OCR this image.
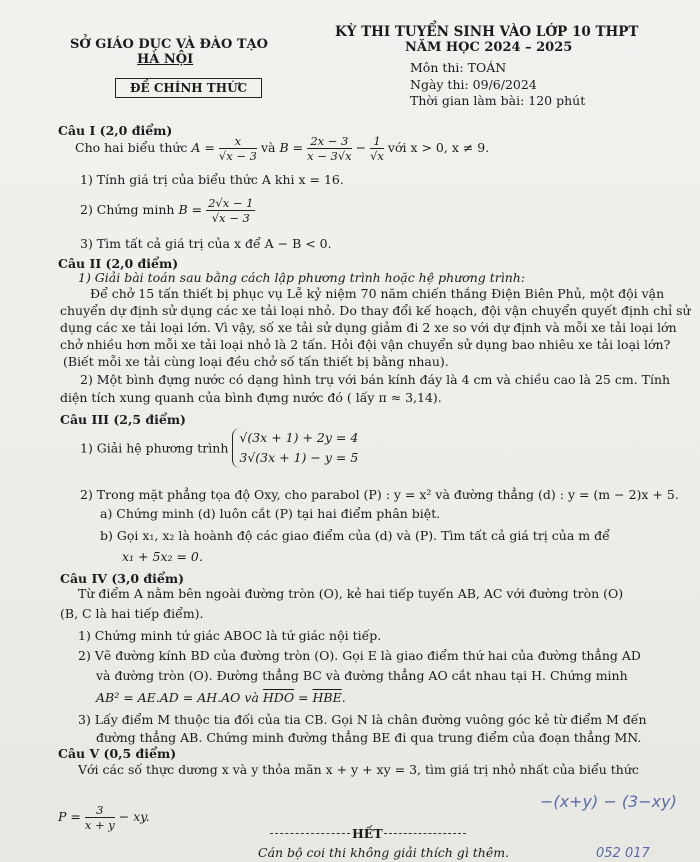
SỞ GIÁO DỤC VÀ ĐÀO TẠO
HÀ NỘI
ĐỀ CHÍNH THỨC
KỲ THI TUYỂN SINH VÀO LỚP 10 THPT
NĂM HỌC 2024 – 2025
Môn thi: TOÁN
Ngày thi: 09/6/2024
Thời gian làm bài: 120 phút
Câu I (2,0 điểm)
Cho hai biểu thức $A = \frac{x}{√x - 3}$ và $B = \frac{2x - 3}{x - 3√x} - \frac{1}{√x}$ với x > 0, x ≠ 9.
1) Tính giá trị của biểu thức A khi x = 16.
2) Chứng minh $B = \frac{2√x - 1}{√x - 3}$
3) Tìm tất cả giá trị của x để A − B < 0.
Câu II (2,0 điểm)
1) Giải bài toán sau bằng cách lập phương trình hoặc hệ phương trình:
Để chở 15 tấn thiết bị phục vụ Lễ kỷ niệm 70 năm chiến thắng Điện Biên Phủ, một đội vận
chuyển dự định sử dụng các xe tải loại nhỏ. Do thay đổi kế hoạch, đội vận chuyển quyết định chỉ sử
dụng các xe tải loại lớn. Vì vậy, số xe tải sử dụng giảm đi 2 xe so với dự định và mỗi xe tải loại lớn
chở nhiều hơn mỗi xe tải loại nhỏ là 2 tấn. Hỏi đội vận chuyển sử dụng bao nhiêu xe tải loại lớn?
(Biết mỗi xe tải cùng loại đều chở số tấn thiết bị bằng nhau).
2) Một bình đựng nước có dạng hình trụ với bán kính đáy là 4 cm và chiều cao là 25 cm. Tính
diện tích xung quanh của bình đựng nước đó ( lấy π ≈ 3,14).
Câu III (2,5 điểm)
1) Giải hệ phương trình
√(3x + 1) + 2y = 4
3√(3x + 1) − y = 5
2) Trong mặt phẳng tọa độ Oxy, cho parabol (P) : y = x² và đường thẳng (d) : y = (m − 2)x + 5.
a) Chứng minh (d) luôn cắt (P) tại hai điểm phân biệt.
b) Gọi x₁, x₂ là hoành độ các giao điểm của (d) và (P). Tìm tất cả giá trị của m để
x₁ + 5x₂ = 0.
Câu IV (3,0 điểm)
Từ điểm A nằm bên ngoài đường tròn (O), kẻ hai tiếp tuyến AB, AC với đường tròn (O)
(B, C là hai tiếp điểm).
1) Chứng minh tứ giác ABOC là tứ giác nội tiếp.
2) Vẽ đường kính BD của đường tròn (O). Gọi E là giao điểm thứ hai của đường thẳng AD
và đường tròn (O). Đường thẳng BC và đường thẳng AO cắt nhau tại H. Chứng minh
AB² = AE.AD = AH.AO và $\overline{HDO} = \overline{HBE}$.
3) Lấy điểm M thuộc tia đối của tia CB. Gọi N là chân đường vuông góc kẻ từ điểm M đến
đường thẳng AB. Chứng minh đường thẳng BE đi qua trung điểm của đoạn thẳng MN.
Câu V (0,5 điểm)
Với các số thực dương x và y thỏa mãn x + y + xy = 3, tìm giá trị nhỏ nhất của biểu thức
$P = \frac{3}{x + y}$ − xy.
−(x+y) − (3−xy)
HẾT
Cán bộ coi thi không giải thích gì thêm.	052 017
